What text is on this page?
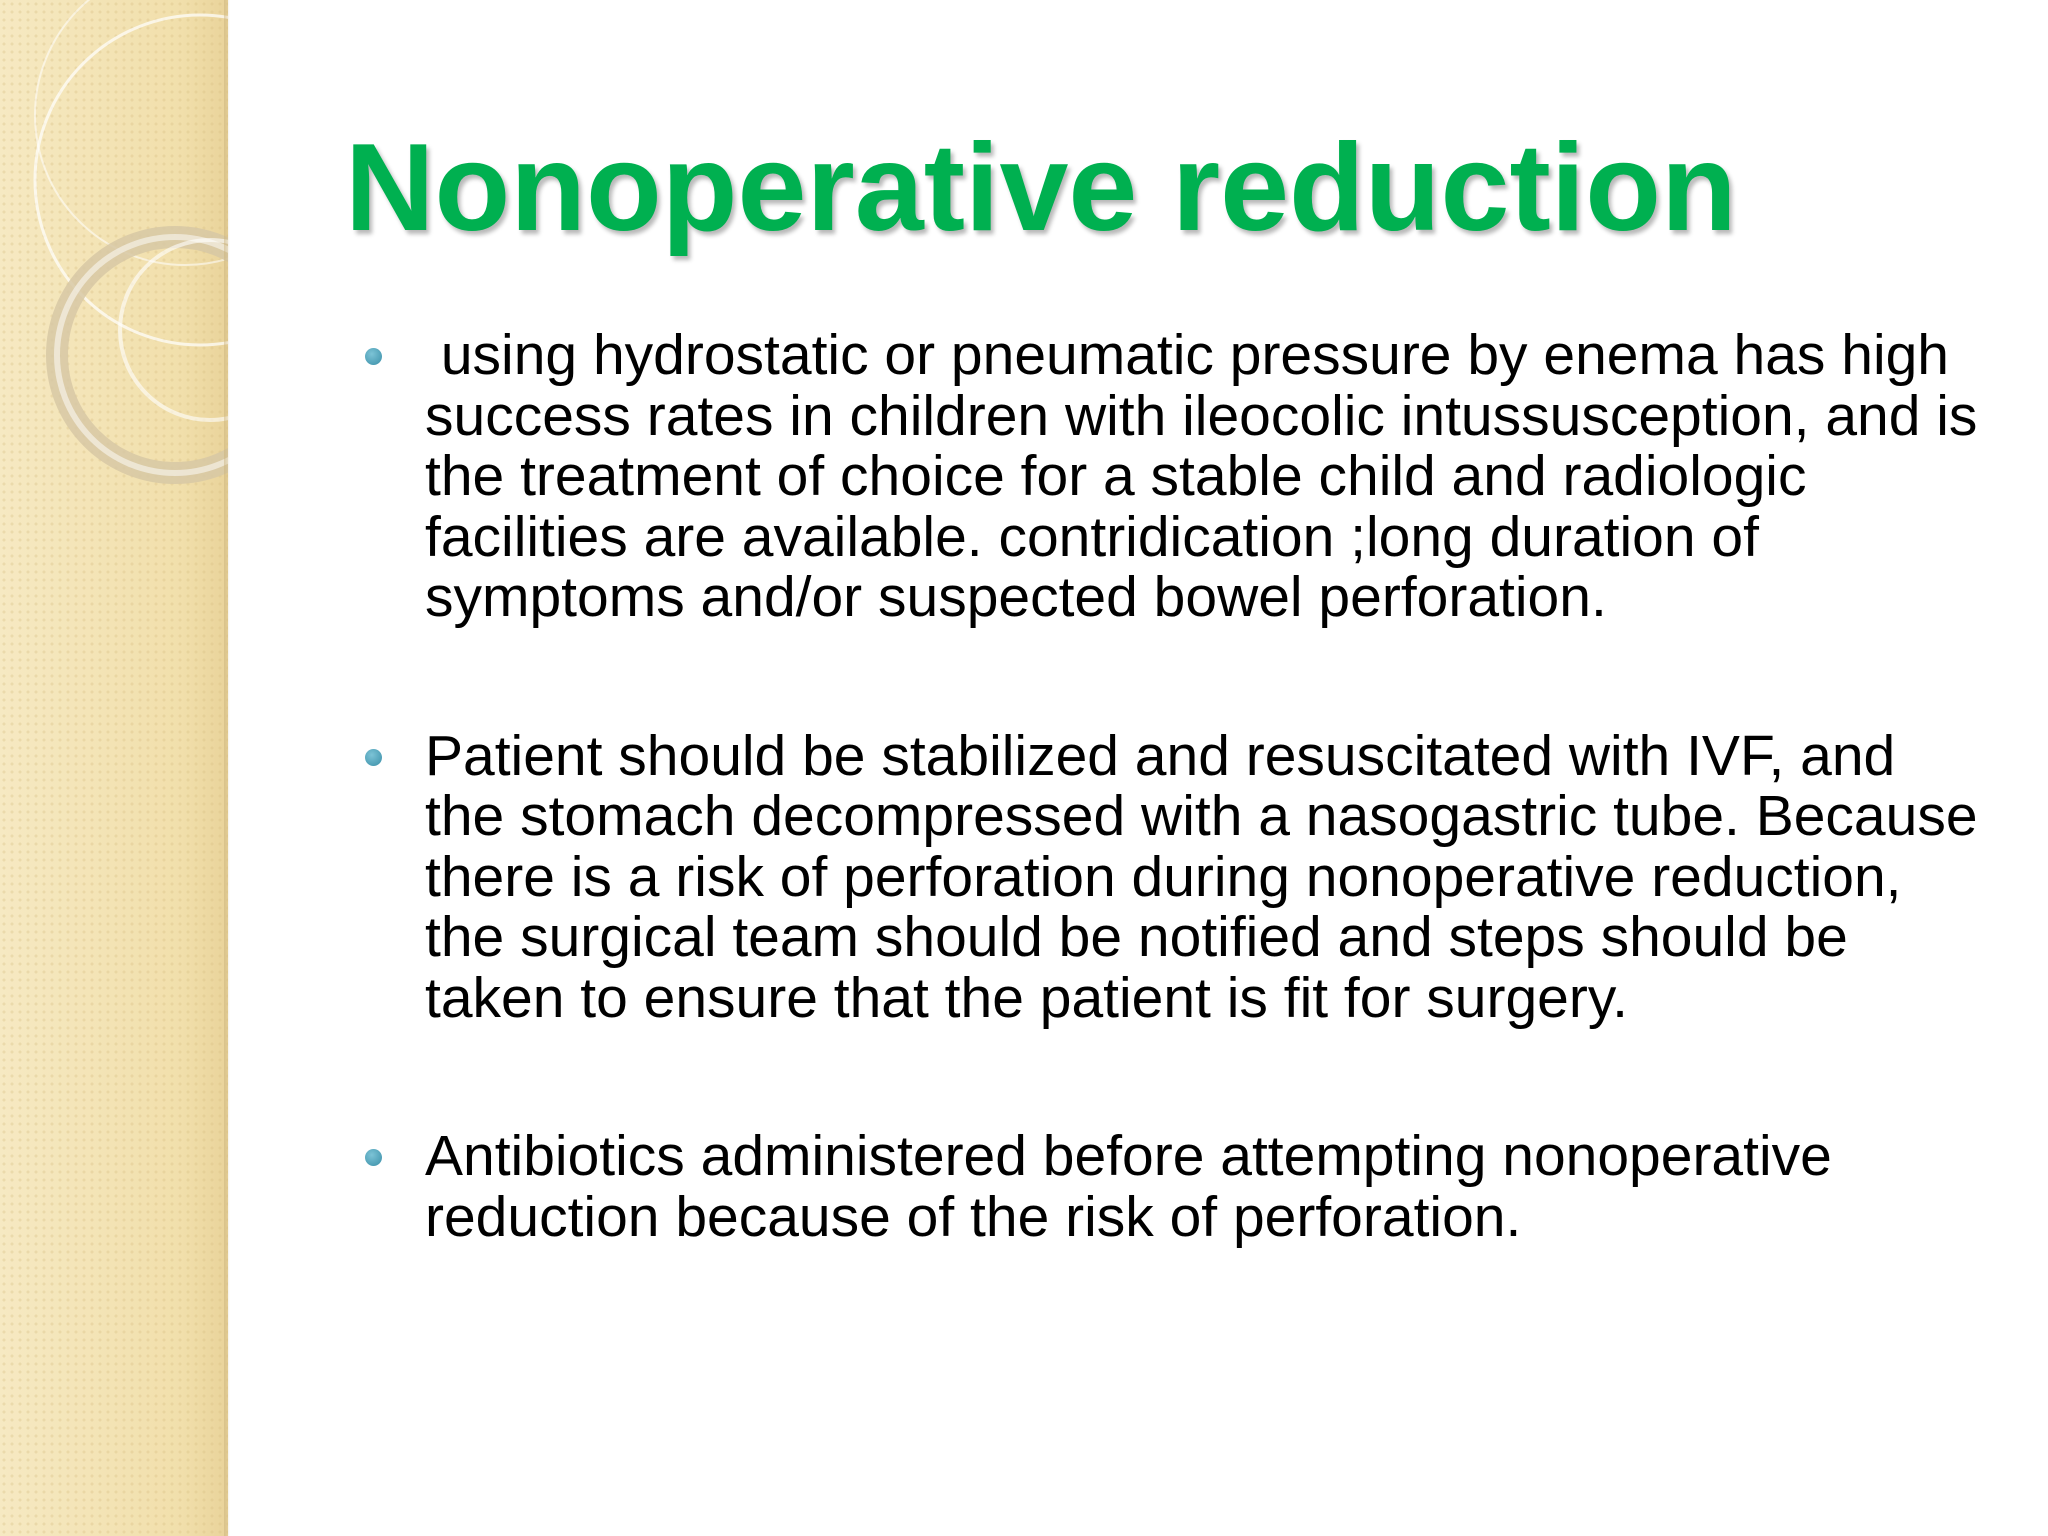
Nonoperative reduction
using hydrostatic or pneumatic pressure by enema has high success rates in children with ileocolic intussusception, and is the treatment of choice for a stable child and radiologic facilities are available. contridication ;long duration of symptoms and/or suspected bowel perforation.
Patient should be stabilized and resuscitated with IVF, and the stomach decompressed with a nasogastric tube. Because there is a risk of perforation during nonoperative reduction, the surgical team should be notified and steps should be taken to ensure that the patient is fit for surgery.
Antibiotics administered before attempting nonoperative reduction because of the risk of perforation.
